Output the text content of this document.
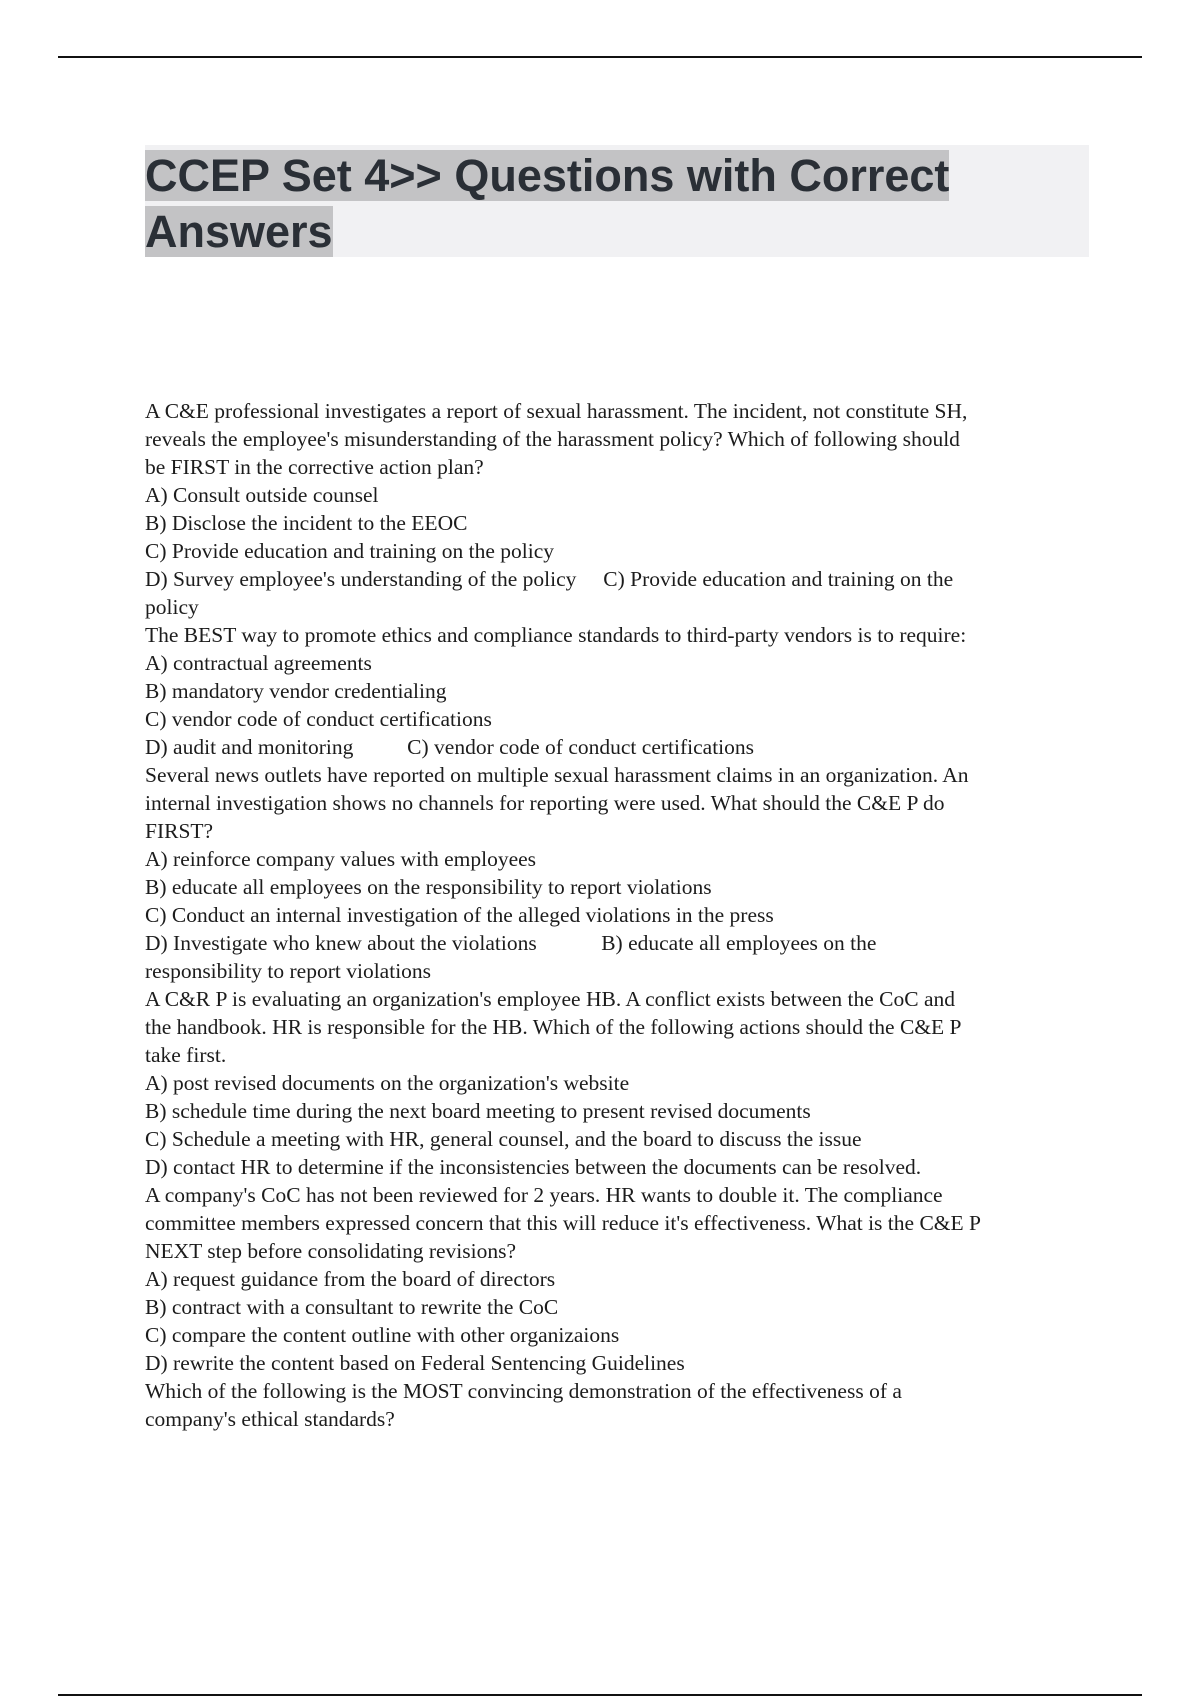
CCEP Set 4>> Questions with Correct Answers

A C&E professional investigates a report of sexual harassment. The incident, not constitute SH,

reveals the employee's misunderstanding of the harassment policy? Which of following should

be FIRST in the corrective action plan?

A) Consult outside counsel

B) Disclose the incident to the EEOC

C) Provide education and training on the policy

D) Survey employee's understanding of the policy     C) Provide education and training on the

policy

The BEST way to promote ethics and compliance standards to third-party vendors is to require:

A) contractual agreements

B) mandatory vendor credentialing

C) vendor code of conduct certifications

D) audit and monitoring          C) vendor code of conduct certifications

Several news outlets have reported on multiple sexual harassment claims in an organization. An

internal investigation shows no channels for reporting were used. What should the C&E P do

FIRST?

A) reinforce company values with employees

B) educate all employees on the responsibility to report violations

C) Conduct an internal investigation of the alleged violations in the press

D) Investigate who knew about the violations            B) educate all employees on the

responsibility to report violations

A C&R P is evaluating an organization's employee HB. A conflict exists between the CoC and

the handbook. HR is responsible for the HB. Which of the following actions should the C&E P

take first.

A) post revised documents on the organization's website

B) schedule time during the next board meeting to present revised documents

C) Schedule a meeting with HR, general counsel, and the board to discuss the issue

D) contact HR to determine if the inconsistencies between the documents can be resolved.

A company's CoC has not been reviewed for 2 years. HR wants to double it. The compliance

committee members expressed concern that this will reduce it's effectiveness. What is the C&E P

NEXT step before consolidating revisions?

A) request guidance from the board of directors

B) contract with a consultant to rewrite the CoC

C) compare the content outline with other organizaions

D) rewrite the content based on Federal Sentencing Guidelines

Which of the following is the MOST convincing demonstration of the effectiveness of a

company's ethical standards?
